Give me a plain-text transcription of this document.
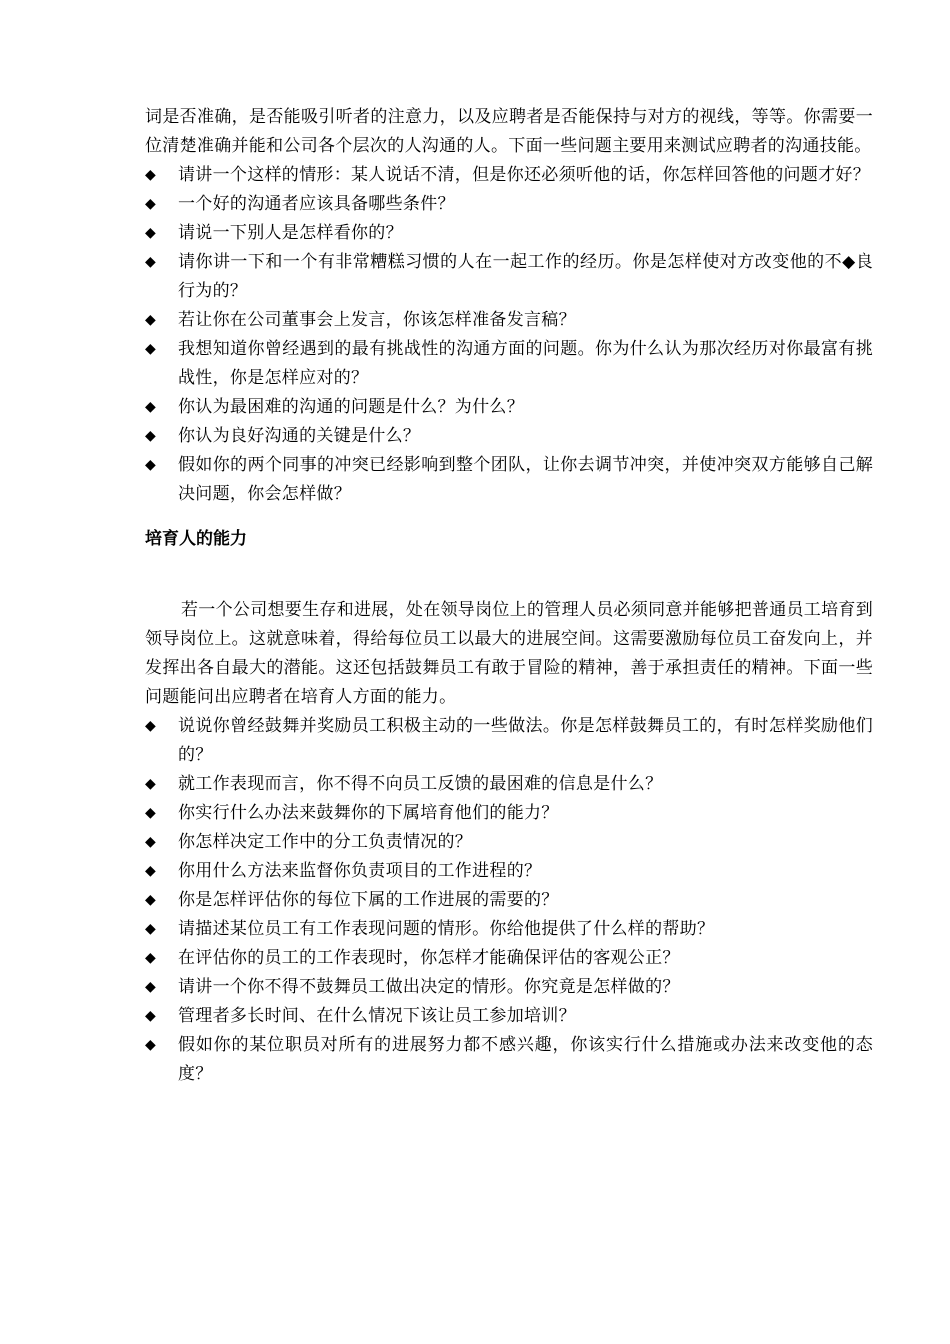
词是否准确，是否能吸引听者的注意力，以及应聘者是否能保持与对方的视线，等等。你需要一位清楚准确并能和公司各个层次的人沟通的人。下面一些问题主要用来测试应聘者的沟通技能。

◆ 请讲一个这样的情形：某人说话不清，但是你还必须听他的话，你怎样回答他的问题才好？
◆ 一个好的沟通者应该具备哪些条件？
◆ 请说一下别人是怎样看你的？
◆ 请你讲一下和一个有非常糟糕习惯的人在一起工作的经历。你是怎样使对方改变他的不◆良行为的？
◆ 若让你在公司董事会上发言，你该怎样准备发言稿？
◆ 我想知道你曾经遇到的最有挑战性的沟通方面的问题。你为什么认为那次经历对你最富有挑战性，你是怎样应对的？
◆ 你认为最困难的沟通的问题是什么？为什么？
◆ 你认为良好沟通的关键是什么？
◆ 假如你的两个同事的冲突已经影响到整个团队，让你去调节冲突，并使冲突双方能够自己解决问题，你会怎样做？
培育人的能力

若一个公司想要生存和进展，处在领导岗位上的管理人员必须同意并能够把普通员工培育到领导岗位上。这就意味着，得给每位员工以最大的进展空间。这需要激励每位员工奋发向上，并发挥出各自最大的潜能。这还包括鼓舞员工有敢于冒险的精神，善于承担责任的精神。下面一些问题能问出应聘者在培育人方面的能力。

◆ 说说你曾经鼓舞并奖励员工积极主动的一些做法。你是怎样鼓舞员工的，有时怎样奖励他们的？
◆ 就工作表现而言，你不得不向员工反馈的最困难的信息是什么？
◆ 你实行什么办法来鼓舞你的下属培育他们的能力？
◆ 你怎样决定工作中的分工负责情况的？
◆ 你用什么方法来监督你负责项目的工作进程的？
◆ 你是怎样评估你的每位下属的工作进展的需要的？
◆ 请描述某位员工有工作表现问题的情形。你给他提供了什么样的帮助？
◆ 在评估你的员工的工作表现时，你怎样才能确保评估的客观公正？
◆ 请讲一个你不得不鼓舞员工做出决定的情形。你究竟是怎样做的？
◆ 管理者多长时间、在什么情况下该让员工参加培训？
◆ 假如你的某位职员对所有的进展努力都不感兴趣，你该实行什么措施或办法来改变他的态度？
